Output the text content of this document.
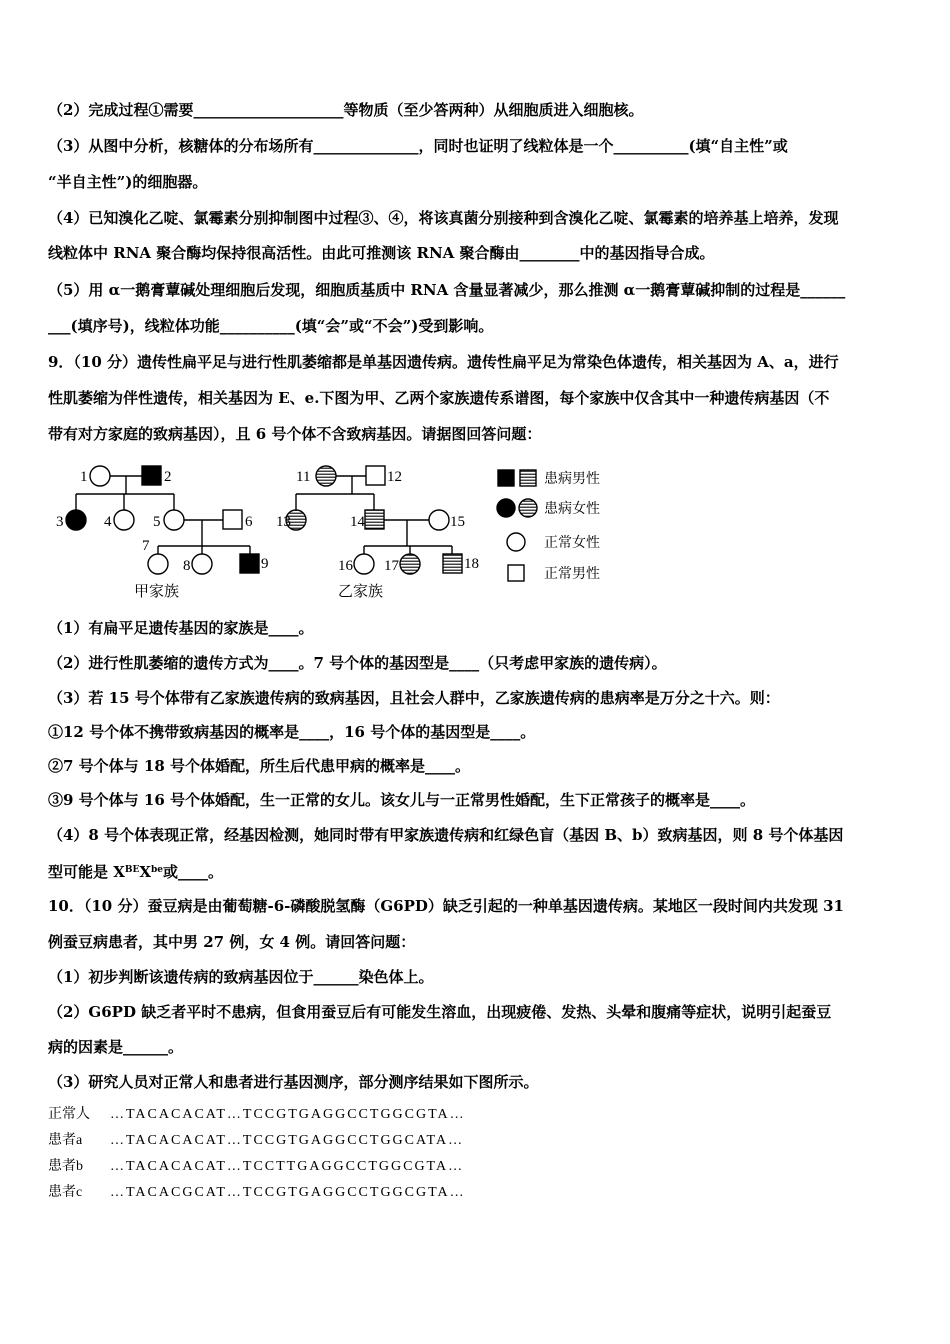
（2）完成过程①需要____________________等物质（至少答两种）从细胞质进入细胞核。
（3）从图中分析，核糖体的分布场所有______________，同时也证明了线粒体是一个__________(填“自主性”或
“半自主性”)的细胞器。
（4）已知溴化乙啶、氯霉素分别抑制图中过程③、④，将该真菌分别接种到含溴化乙啶、氯霉素的培养基上培养，发现
线粒体中 RNA 聚合酶均保持很高活性。由此可推测该 RNA 聚合酶由________中的基因指导合成。
（5）用 α一鹅膏蕈碱处理细胞后发现，细胞质基质中 RNA 含量显著减少，那么推测 α一鹅膏蕈碱抑制的过程是______
___(填序号)，线粒体功能__________(填“会”或“不会”)受到影响。
9．（10 分）遗传性扁平足与进行性肌萎缩都是单基因遗传病。遗传性扁平足为常染色体遗传，相关基因为 A、a，进行
性肌萎缩为伴性遗传，相关基因为 E、e.下图为甲、乙两个家族遗传系谱图，每个家族中仅含其中一种遗传病基因（不
带有对方家庭的致病基因），且 6 号个体不含致病基因。请据图回答问题：
1	2
3	4	5	6
7
8	9
甲家族
11	12
13	14	15
16 17	18
乙家族
患病男性
患病女性
正常女性
正常男性
（1）有扁平足遗传基因的家族是____。
（2）进行性肌萎缩的遗传方式为____。7 号个体的基因型是____（只考虑甲家族的遗传病）。
（3）若 15 号个体带有乙家族遗传病的致病基因，且社会人群中，乙家族遗传病的患病率是万分之十六。则：
①12 号个体不携带致病基因的概率是____，16 号个体的基因型是____。
②7 号个体与 18 号个体婚配，所生后代患甲病的概率是____。
③9 号个体与 16 号个体婚配，生一正常的女儿。该女儿与一正常男性婚配，生下正常孩子的概率是____。
（4）8 号个体表现正常，经基因检测，她同时带有甲家族遗传病和红绿色盲（基因 B、b）致病基因，则 8 号个体基因
型可能是 $X^{BE}X^{be}$或____。
10．（10 分）蚕豆病是由葡萄糖-6-磷酸脱氢酶（G6PD）缺乏引起的一种单基因遗传病。某地区一段时间内共发现 31
例蚕豆病患者，其中男 27 例，女 4 例。请回答问题：
（1）初步判断该遗传病的致病基因位于______染色体上。
（2）G6PD 缺乏者平时不患病，但食用蚕豆后有可能发生溶血，出现疲倦、发热、头晕和腹痛等症状，说明引起蚕豆
病的因素是______。
（3）研究人员对正常人和患者进行基因测序，部分测序结果如下图所示。
正常人 …TACACACAT…TCCGTGAGGCCTGGCGTA…
患者a …TACACACAT…TCCGTGAGGCCTGGCATA…
患者b …TACACACAT…TCCTTGAGGCCTGGCGTA…
患者c …TACACGCAT…TCCGTGAGGCCTGGCGTA…
